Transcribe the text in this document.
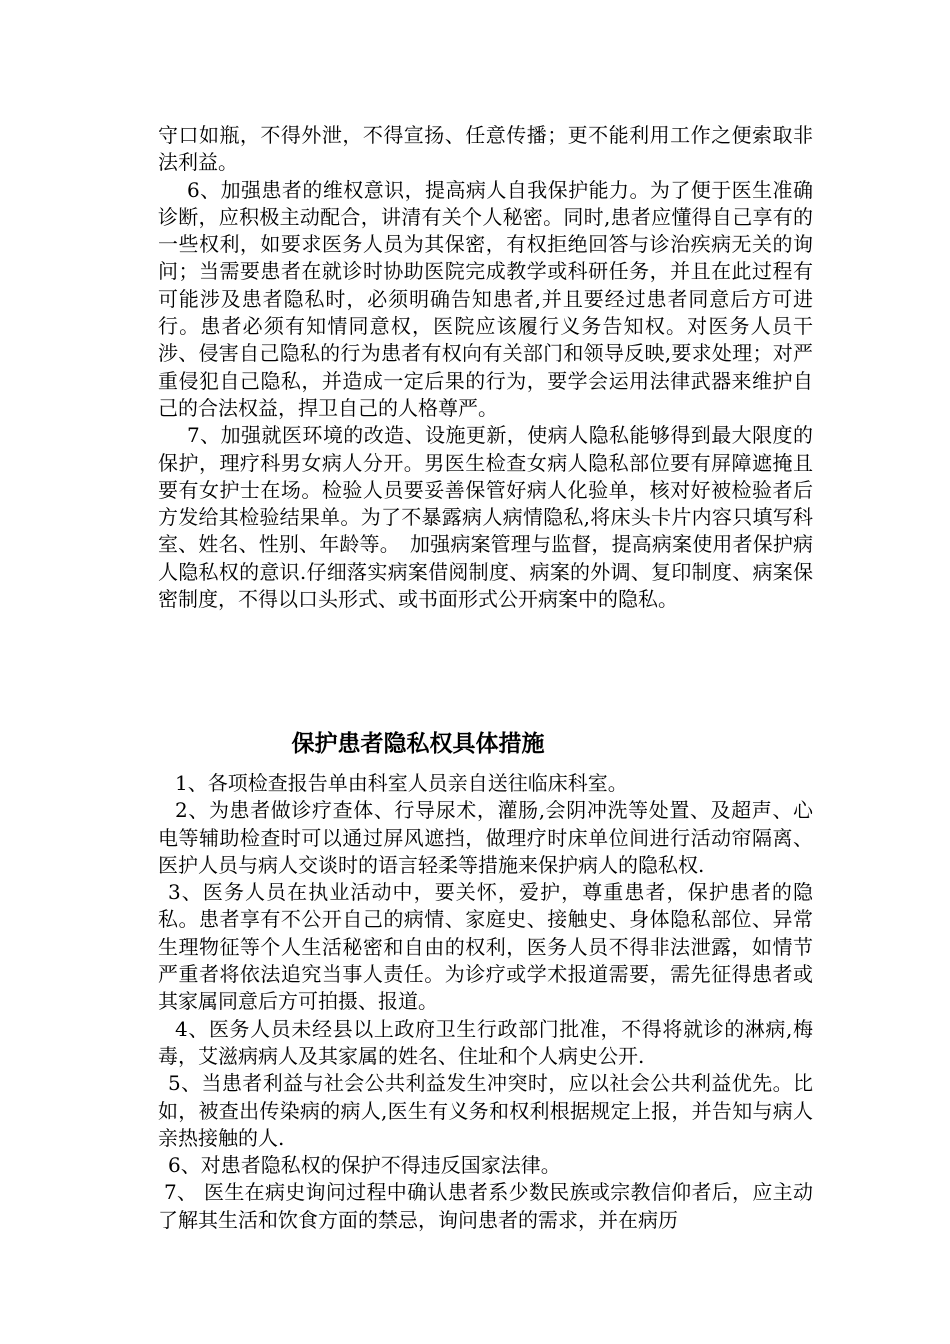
守口如瓶，不得外泄，不得宣扬、任意传播；更不能利用工作之便索取非法利益。

6、加强患者的维权意识，提高病人自我保护能力。为了便于医生准确诊断，应积极主动配合，讲清有关个人秘密。同时,患者应懂得自己享有的一些权利，如要求医务人员为其保密，有权拒绝回答与诊治疾病无关的询问；当需要患者在就诊时协助医院完成教学或科研任务，并且在此过程有可能涉及患者隐私时，必须明确告知患者,并且要经过患者同意后方可进行。患者必须有知情同意权，医院应该履行义务告知权。对医务人员干涉、侵害自己隐私的行为患者有权向有关部门和领导反映,要求处理；对严重侵犯自己隐私，并造成一定后果的行为，要学会运用法律武器来维护自己的合法权益，捍卫自己的人格尊严。

7、加强就医环境的改造、设施更新，使病人隐私能够得到最大限度的保护，理疗科男女病人分开。男医生检查女病人隐私部位要有屏障遮掩且要有女护士在场。检验人员要妥善保管好病人化验单，核对好被检验者后方发给其检验结果单。为了不暴露病人病情隐私,将床头卡片内容只填写科室、姓名、性别、年龄等。　加强病案管理与监督，提高病案使用者保护病人隐私权的意识.仔细落实病案借阅制度、病案的外调、复印制度、病案保密制度，不得以口头形式、或书面形式公开病案中的隐私。

保护患者隐私权具体措施

1、各项检查报告单由科室人员亲自送往临床科室。

2、为患者做诊疗查体、行导尿术，灌肠,会阴冲洗等处置、及超声、心电等辅助检查时可以通过屏风遮挡，做理疗时床单位间进行活动帘隔离、医护人员与病人交谈时的语言轻柔等措施来保护病人的隐私权.

3、医务人员在执业活动中，要关怀，爱护，尊重患者，保护患者的隐私。患者享有不公开自己的病情、家庭史、接触史、身体隐私部位、异常生理物征等个人生活秘密和自由的权利，医务人员不得非法泄露，如情节严重者将依法追究当事人责任。为诊疗或学术报道需要，需先征得患者或其家属同意后方可拍摄、报道。

4、医务人员未经县以上政府卫生行政部门批准，不得将就诊的淋病,梅毒，艾滋病病人及其家属的姓名、住址和个人病史公开.

5、当患者利益与社会公共利益发生冲突时，应以社会公共利益优先。比如，被查出传染病的病人,医生有义务和权利根据规定上报，并告知与病人亲热接触的人.

6、对患者隐私权的保护不得违反国家法律。

7、 医生在病史询问过程中确认患者系少数民族或宗教信仰者后，应主动了解其生活和饮食方面的禁忌，询问患者的需求，并在病历
